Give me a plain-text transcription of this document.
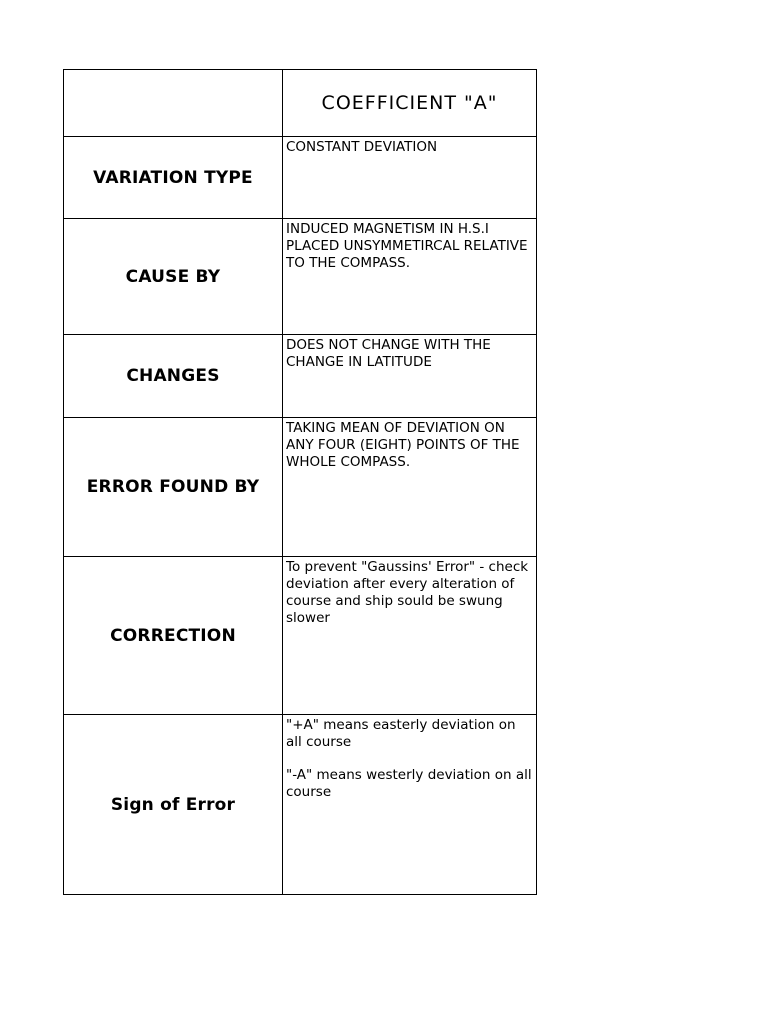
	COEFFICIENT "A"
VARIATION TYPE	CONSTANT DEVIATION

CAUSE BY	INDUCED MAGNETISM IN H.S.I PLACED UNSYMMETIRCAL RELATIVE TO THE COMPASS.

CHANGES	DOES NOT CHANGE WITH THE CHANGE IN LATITUDE

ERROR FOUND BY	TAKING MEAN OF DEVIATION ON ANY FOUR (EIGHT) POINTS OF THE WHOLE COMPASS.

CORRECTION	To prevent "Gaussins' Error" - check deviation after every alteration of course and ship sould be swung slower

Sign of Error	"+A" means easterly deviation on all course
"-A" means westerly deviation on all course
